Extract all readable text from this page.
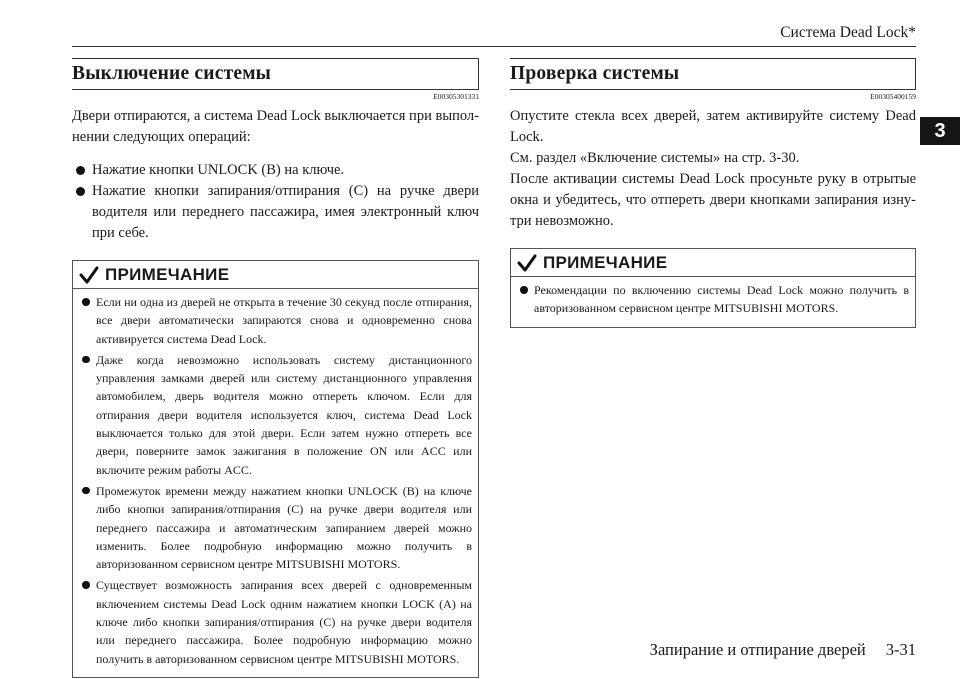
Система Dead Lock*
3
Выключение системы
E00305301331
Двери отпираются, а система Dead Lock выключается при выполнении следующих операций:
Нажатие кнопки UNLOCK (B) на ключе.
Нажатие кнопки запирания/отпирания (C) на ручке двери водителя или переднего пассажира, имея электронный ключ при себе.
ПРИМЕЧАНИЕ
Если ни одна из дверей не открыта в течение 30 секунд после отпирания, все двери автоматически запираются снова и одновременно снова активируется система Dead Lock.
Даже когда невозможно использовать систему дистанционного управления замками дверей или систему дистанционного управления автомобилем, дверь водителя можно отпереть ключом. Если для отпирания двери водителя используется ключ, система Dead Lock выключается только для этой двери. Если затем нужно отпереть все двери, поверните замок зажигания в положение ON или ACC или включите режим работы ACC.
Промежуток времени между нажатием кнопки UNLOCK (B) на ключе либо кнопки запирания/отпирания (C) на ручке двери водителя или переднего пассажира и автоматическим запиранием дверей можно изменить. Более подробную информацию можно получить в авторизованном сервисном центре MITSUBISHI MOTORS.
Существует возможность запирания всех дверей с одновременным включением системы Dead Lock одним нажатием кнопки LOCK (A) на ключе либо кнопки запирания/отпирания (C) на ручке двери водителя или переднего пассажира. Более подробную информацию можно получить в авторизованном сервисном центре MITSUBISHI MOTORS.
Проверка системы
E00305400159
Опустите стекла всех дверей, затем активируйте систему Dead Lock.
См. раздел «Включение системы» на стр. 3-30.
После активации системы Dead Lock просуньте руку в отрытые окна и убедитесь, что отпереть двери кнопками запирания изнутри невозможно.
ПРИМЕЧАНИЕ
Рекомендации по включению системы Dead Lock можно получить в авторизованном сервисном центре MITSUBISHI MOTORS.
Запирание и отпирание дверей 3-31
